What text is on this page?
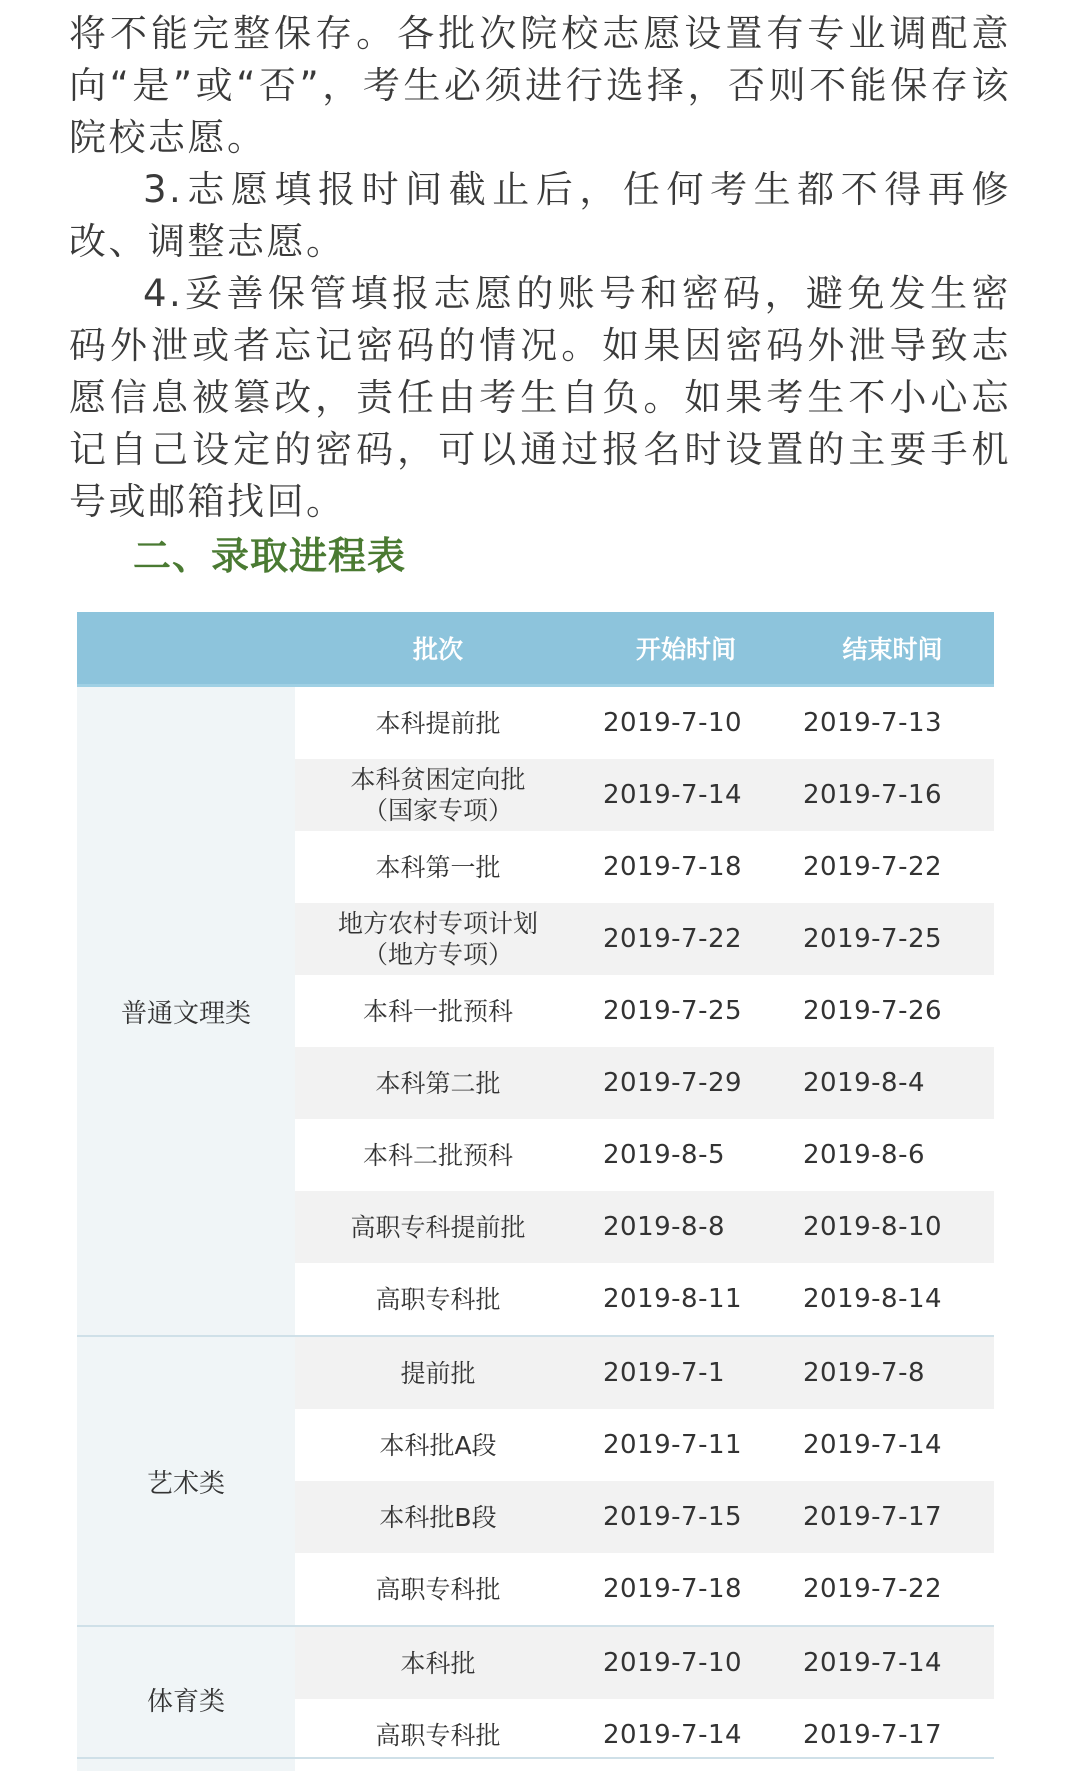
将不能完整保存。各批次院校志愿设置有专业调配意向“是”或“否”，考生必须进行选择，否则不能保存该院校志愿。

3.志愿填报时间截止后，任何考生都不得再修改、调整志愿。

4.妥善保管填报志愿的账号和密码，避免发生密码外泄或者忘记密码的情况。如果因密码外泄导致志愿信息被篡改，责任由考生自负。如果考生不小心忘记自己设定的密码，可以通过报名时设置的主要手机号或邮箱找回。

二、录取进程表
	批次	开始时间	结束时间
普通文理类	本科提前批	2019-7-10	2019-7-13

	本科贫困定向批
（国家专项）	2019-7-14	2019-7-16
	本科第一批	2019-7-18	2019-7-22

	地方农村专项计划
（地方专项）	2019-7-22	2019-7-25
	本科一批预科	2019-7-25	2019-7-26
	本科第二批	2019-7-29	2019-8-4
	本科二批预科	2019-8-5	2019-8-6
	高职专科提前批	2019-8-8	2019-8-10
	高职专科批	2019-8-11	2019-8-14
艺术类	提前批	2019-7-1	2019-7-8
	本科批A段	2019-7-11	2019-7-14
	本科批B段	2019-7-15	2019-7-17
	高职专科批	2019-7-18	2019-7-22
体育类	本科批	2019-7-10	2019-7-14
	高职专科批	2019-7-14	2019-7-17
